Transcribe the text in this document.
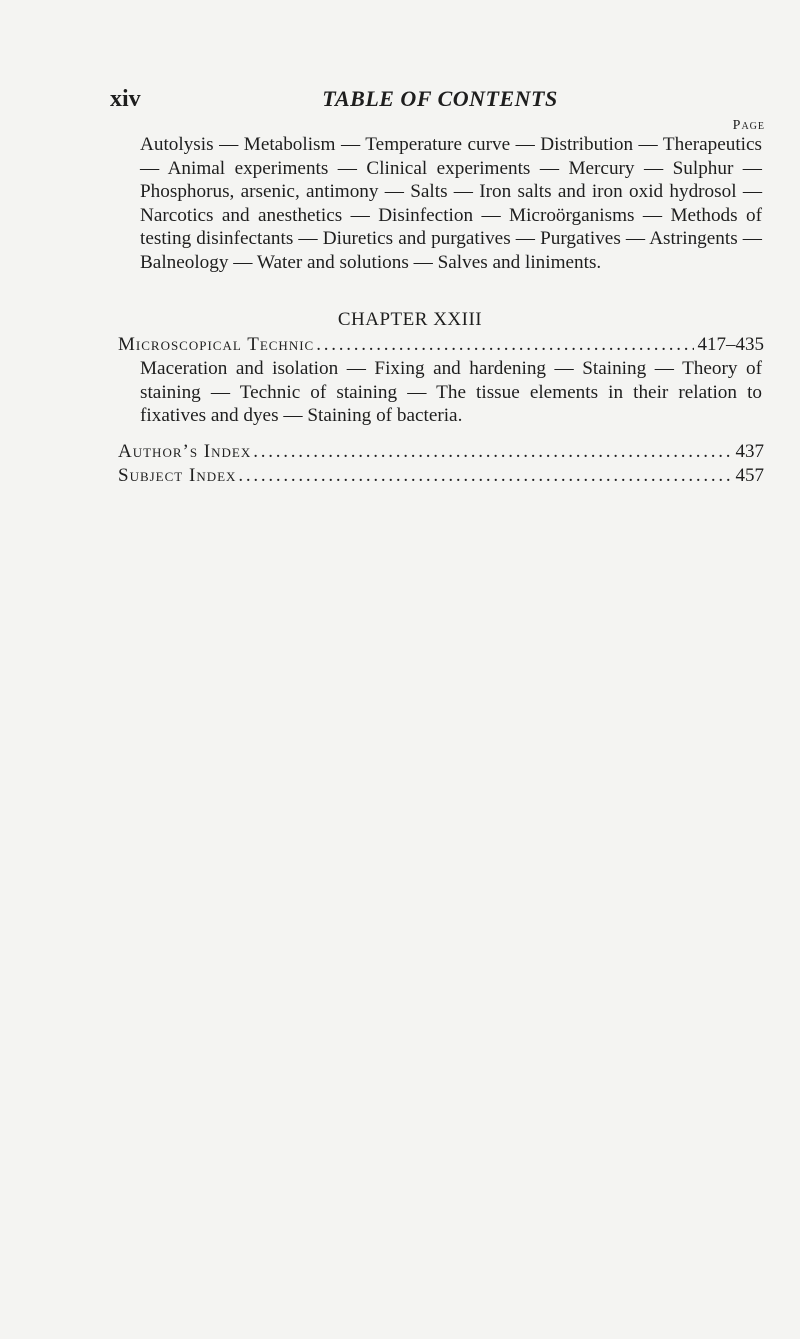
xiv	TABLE OF CONTENTS
Page

Autolysis — Metabolism — Temperature curve — Distribution — Therapeutics — Animal experiments — Clinical experiments — Mercury — Sulphur — Phosphorus, arsenic, antimony — Salts — Iron salts and iron oxid hydrosol — Narcotics and anesthetics — Disinfection — Microörganisms — Methods of testing disinfectants — Diuretics and purgatives — Purgatives — Astringents — Balneology — Water and solutions — Salves and liniments.

CHAPTER XXIII
Microscopical Technic . . .	417–435

Maceration and isolation — Fixing and hardening — Staining — Theory of staining — Technic of staining — The tissue elements in their relation to fixatives and dyes — Staining of bacteria.

Author’s Index . . .	437
Subject Index . . .	457
